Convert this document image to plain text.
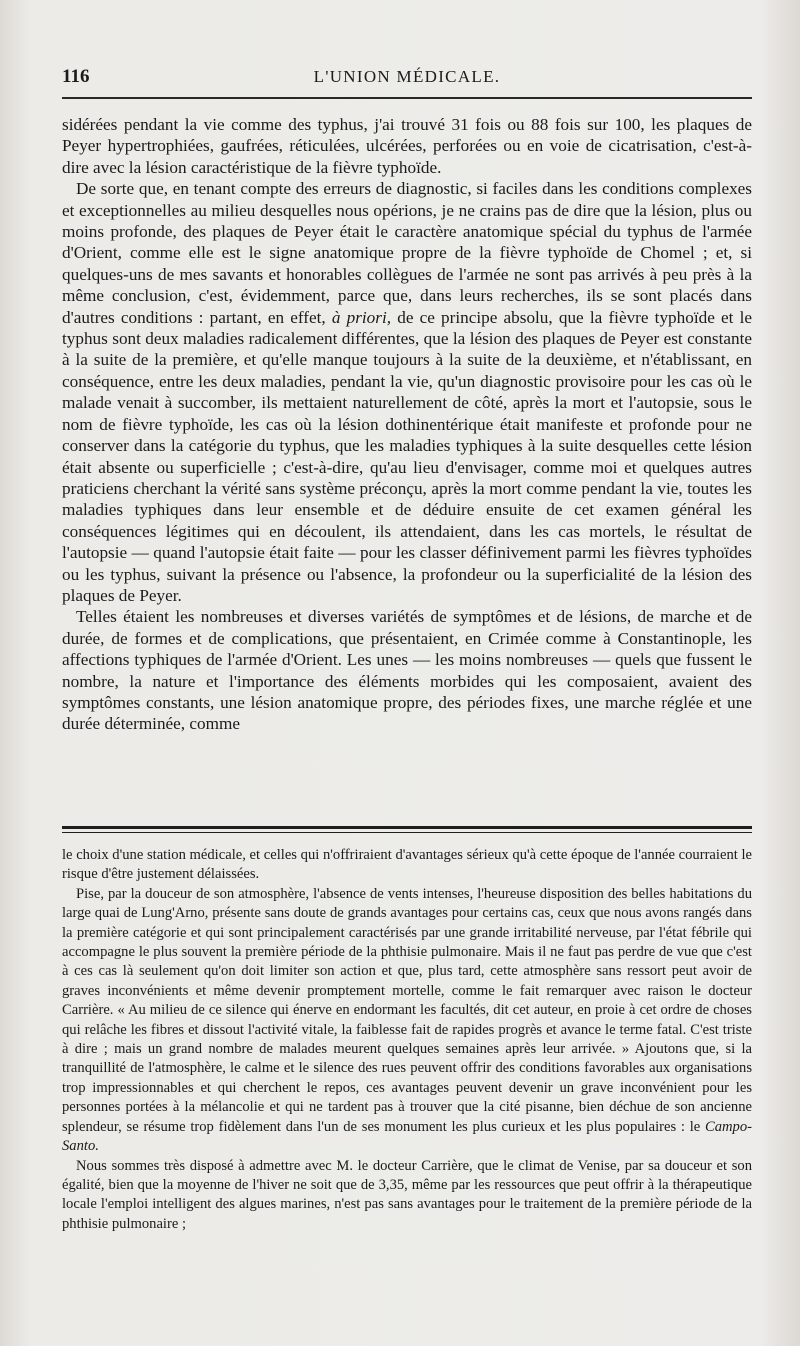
116	L'UNION MÉDICALE.

sidérées pendant la vie comme des typhus, j'ai trouvé 31 fois ou 88 fois sur 100, les plaques de Peyer hypertrophiées, gaufrées, réticulées, ulcérées, perforées ou en voie de cicatrisation, c'est-à-dire avec la lésion caractéristique de la fièvre typhoïde.

De sorte que, en tenant compte des erreurs de diagnostic, si faciles dans les conditions complexes et exceptionnelles au milieu desquelles nous opérions, je ne crains pas de dire que la lésion, plus ou moins profonde, des plaques de Peyer était le caractère anatomique spécial du typhus de l'armée d'Orient, comme elle est le signe anatomique propre de la fièvre typhoïde de Chomel ; et, si quelques-uns de mes savants et honorables collègues de l'armée ne sont pas arrivés à peu près à la même conclusion, c'est, évidemment, parce que, dans leurs recherches, ils se sont placés dans d'autres conditions : partant, en effet, à priori, de ce principe absolu, que la fièvre typhoïde et le typhus sont deux maladies radicalement différentes, que la lésion des plaques de Peyer est constante à la suite de la première, et qu'elle manque toujours à la suite de la deuxième, et n'établissant, en conséquence, entre les deux maladies, pendant la vie, qu'un diagnostic provisoire pour les cas où le malade venait à succomber, ils mettaient naturellement de côté, après la mort et l'autopsie, sous le nom de fièvre typhoïde, les cas où la lésion dothinentérique était manifeste et profonde pour ne conserver dans la catégorie du typhus, que les maladies typhiques à la suite desquelles cette lésion était absente ou superficielle ; c'est-à-dire, qu'au lieu d'envisager, comme moi et quelques autres praticiens cherchant la vérité sans système préconçu, après la mort comme pendant la vie, toutes les maladies typhiques dans leur ensemble et de déduire ensuite de cet examen général les conséquences légitimes qui en découlent, ils attendaient, dans les cas mortels, le résultat de l'autopsie — quand l'autopsie était faite — pour les classer définivement parmi les fièvres typhoïdes ou les typhus, suivant la présence ou l'absence, la profondeur ou la superficialité de la lésion des plaques de Peyer.

Telles étaient les nombreuses et diverses variétés de symptômes et de lésions, de marche et de durée, de formes et de complications, que présentaient, en Crimée comme à Constantinople, les affections typhiques de l'armée d'Orient. Les unes — les moins nombreuses — quels que fussent le nombre, la nature et l'importance des éléments morbides qui les composaient, avaient des symptômes constants, une lésion anatomique propre, des périodes fixes, une marche réglée et une durée déterminée, comme

le choix d'une station médicale, et celles qui n'offriraient d'avantages sérieux qu'à cette époque de l'année courraient le risque d'être justement délaissées.

Pise, par la douceur de son atmosphère, l'absence de vents intenses, l'heureuse disposition des belles habitations du large quai de Lung'Arno, présente sans doute de grands avantages pour certains cas, ceux que nous avons rangés dans la première catégorie et qui sont principalement caractérisés par une grande irritabilité nerveuse, par l'état fébrile qui accompagne le plus souvent la première période de la phthisie pulmonaire. Mais il ne faut pas perdre de vue que c'est à ces cas là seulement qu'on doit limiter son action et que, plus tard, cette atmosphère sans ressort peut avoir de graves inconvénients et même devenir promptement mortelle, comme le fait remarquer avec raison le docteur Carrière. « Au milieu de ce silence qui énerve en endormant les facultés, dit cet auteur, en proie à cet ordre de choses qui relâche les fibres et dissout l'activité vitale, la faiblesse fait de rapides progrès et avance le terme fatal. C'est triste à dire ; mais un grand nombre de malades meurent quelques semaines après leur arrivée. » Ajoutons que, si la tranquillité de l'atmosphère, le calme et le silence des rues peuvent offrir des conditions favorables aux organisations trop impressionnables et qui cherchent le repos, ces avantages peuvent devenir un grave inconvénient pour les personnes portées à la mélancolie et qui ne tardent pas à trouver que la cité pisanne, bien déchue de son ancienne splendeur, se résume trop fidèlement dans l'un de ses monument les plus curieux et les plus populaires : le Campo-Santo.

Nous sommes très disposé à admettre avec M. le docteur Carrière, que le climat de Venise, par sa douceur et son égalité, bien que la moyenne de l'hiver ne soit que de 3,35, même par les ressources que peut offrir à la thérapeutique locale l'emploi intelligent des algues marines, n'est pas sans avantages pour le traitement de la première période de la phthisie pulmonaire ;
